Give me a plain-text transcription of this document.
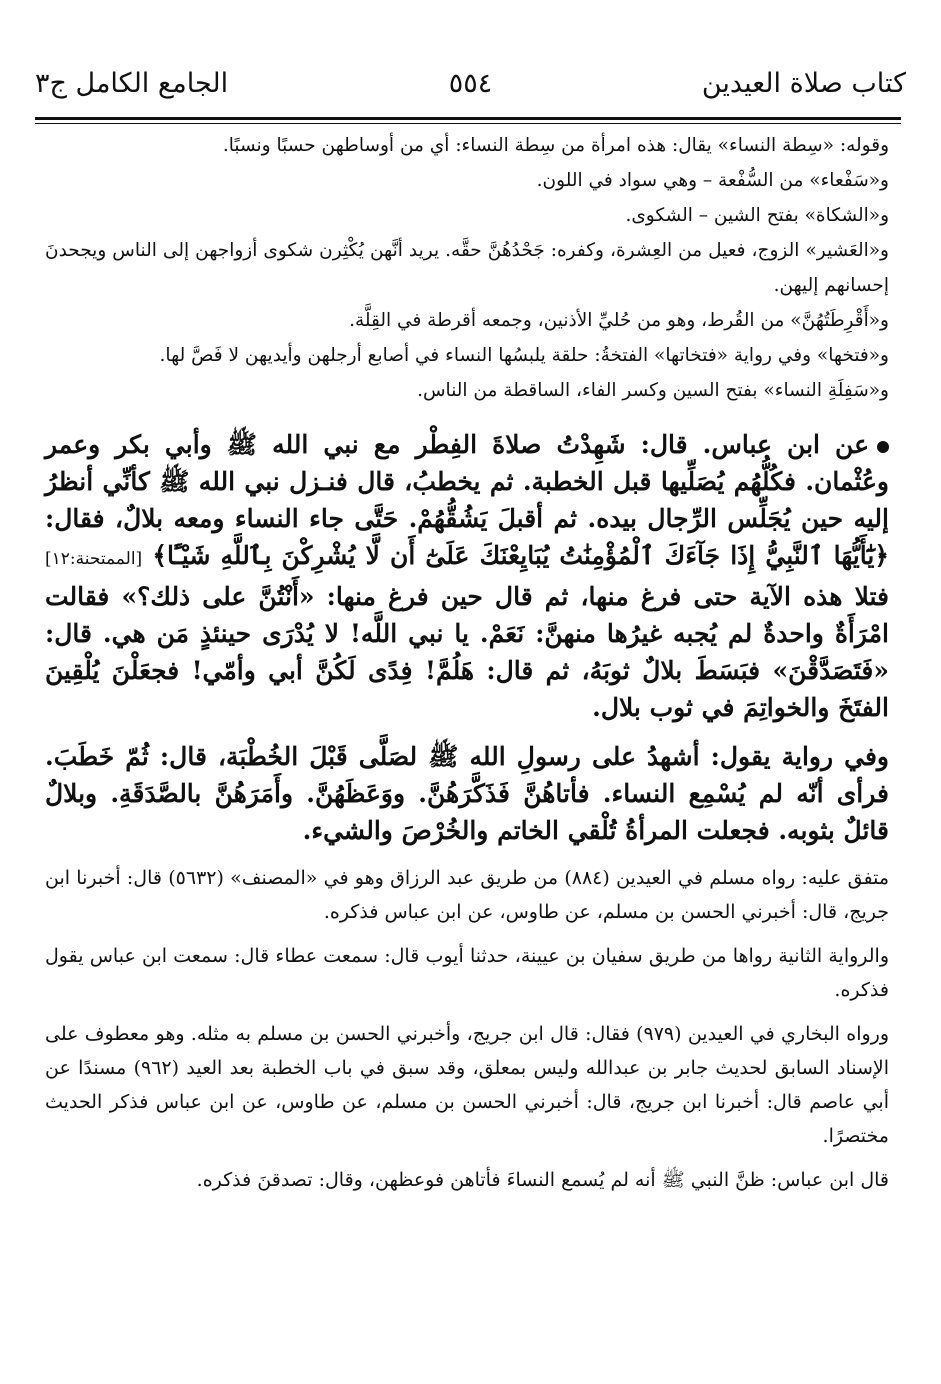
كتاب صلاة العيدين
٥٥٤
الجامع الكامل ج٣

وقوله: «سِطة النساء» يقال: هذه امرأة من سِطة النساء: أي من أوساطهن حسبًا ونسبًا.

و«سَفْعاء» من السُّفْعة – وهي سواد في اللون.

و«الشكاة» بفتح الشين – الشكوى.

و«العَشير» الزوج، فعيل من العِشرة، وكفره: جَحْدُهُنَّ حقَّه. يريد أنَّهن يُكْثِرن شكوى أزواجهن إلى الناس ويجحدنَ إحسانهم إليهن.

و«أَقْرِطَتُهُنَّ» من القُرط، وهو من حُليِّ الأذنين، وجمعه أقرطة في القِلَّة.

و«فتخها» وفي رواية «فتخاتها» الفتخةُ: حلقة يلبسُها النساء في أصابع أرجلهن وأيديهن لا فَصَّ لها.

و«سَفِلَةِ النساء» بفتح السين وكسر الفاء، الساقطة من الناس.

عن ابن عباس. قال: شَهِدْتُ صلاةَ الفِطْر مع نبي الله ﷺ وأبي بكر وعمر وعُثْمان. فكُلُّهُم يُصَلِّيها قبل الخطبة. ثم يخطبُ، قال فنـزل نبي الله ﷺ كأنِّي أنظرُ إليه حين يُجَلِّس الرِّجال بيده. ثم أقبلَ يَشُقُّهُمْ. حَتَّى جاء النساء ومعه بلالٌ، فقال: ﴿يَٰٓأَيُّهَا ٱلنَّبِيُّ إِذَا جَآءَكَ ٱلْمُؤْمِنَٰتُ يُبَايِعْنَكَ عَلَىٰٓ أَن لَّا يُشْرِكْنَ بِٱللَّهِ شَيْـًٔا﴾ [الممتحنة:١٢] فتلا هذه الآية حتى فرغ منها، ثم قال حين فرغ منها: «أَنْتُنَّ على ذلك؟» فقالت امْرَأَةٌ واحدةٌ لم يُجبه غيرُها منهنَّ: نَعَمْ. يا نبي اللَّه! لا يُدْرَى حينئذٍ مَن هي. قال: «فَتَصَدَّقْنَ» فبَسَطَ بلالٌ ثوبَهُ، ثم قال: هَلُمَّ! فِدًى لَكُنَّ أبي وأمّي! فجعَلْنَ يُلْقِينَ الفتَخَ والخواتِمَ في ثوب بلال.

وفي رواية يقول: أشهدُ على رسولِ الله ﷺ لصَلَّى قَبْلَ الخُطْبَة، قال: ثُمّ خَطَبَ. فرأى أنّه لم يُسْمِع النساء. فأتاهُنَّ فَذَكَّرَهُنَّ. ووَعَظَهُنَّ. وأَمَرَهُنَّ بالصَّدَقَةِ. وبلالٌ قائلٌ بثوبه. فجعلت المرأةُ تُلْقي الخاتم والخُرْصَ والشيء.

متفق عليه: رواه مسلم في العيدين (٨٨٤) من طريق عبد الرزاق وهو في «المصنف» (٥٦٣٢) قال: أخبرنا ابن جريج، قال: أخبرني الحسن بن مسلم، عن طاوس، عن ابن عباس فذكره.

والرواية الثانية رواها من طريق سفيان بن عيينة، حدثنا أيوب قال: سمعت عطاء قال: سمعت ابن عباس يقول فذكره.

ورواه البخاري في العيدين (٩٧٩) فقال: قال ابن جريج، وأخبرني الحسن بن مسلم به مثله. وهو معطوف على الإسناد السابق لحديث جابر بن عبدالله وليس بمعلق، وقد سبق في باب الخطبة بعد العيد (٩٦٢) مسندًا عن أبي عاصم قال: أخبرنا ابن جريج، قال: أخبرني الحسن بن مسلم، عن طاوس، عن ابن عباس فذكر الحديث مختصرًا.

قال ابن عباس: ظنَّ النبي ﷺ أنه لم يُسمع النساءَ فأتاهن فوعظهن، وقال: تصدقنَ فذكره.
